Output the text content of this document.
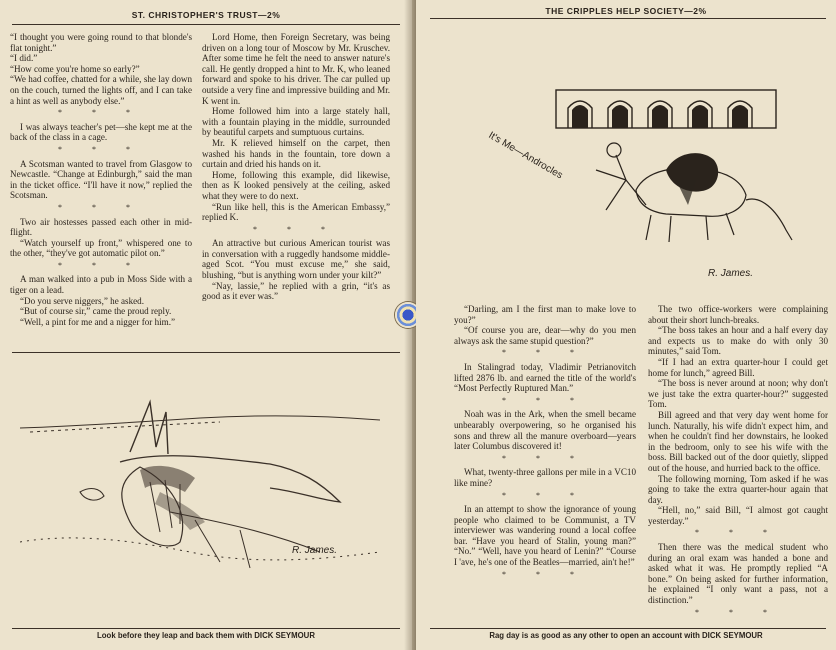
ST. CHRISTOPHER'S TRUST—2%

“I thought you were going round to that blonde's flat tonight.”

“I did.”

“How come you're home so early?”

“We had coffee, chatted for a while, she lay down on the couch, turned the lights off, and I can take a hint as well as anybody else.”

* * *

I was always teacher's pet—she kept me at the back of the class in a cage.

* * *

A Scotsman wanted to travel from Glasgow to Newcastle. “Change at Edinburgh,” said the man in the ticket office. “I'll have it now,” replied the Scotsman.

* * *

Two air hostesses passed each other in mid-flight.

“Watch yourself up front,” whispered one to the other, “they've got automatic pilot on.”

* * *

A man walked into a pub in Moss Side with a tiger on a lead.

“Do you serve niggers,” he asked.

“But of course sir,” came the proud reply.

“Well, a pint for me and a nigger for him.”

Lord Home, then Foreign Secretary, was being driven on a long tour of Moscow by Mr. Kruschev. After some time he felt the need to answer nature's call. He gently dropped a hint to Mr. K, who leaned forward and spoke to his driver. The car pulled up outside a very fine and impressive building and Mr. K went in.

Home followed him into a large stately hall, with a fountain playing in the middle, surrounded by beautiful carpets and sumptuous curtains.

Mr. K relieved himself on the carpet, then washed his hands in the fountain, tore down a curtain and dried his hands on it.

Home, following this example, did likewise, then as K looked pensively at the ceiling, asked what they were to do next.

“Run like hell, this is the American Embassy,” replied K.

* * *

An attractive but curious American tourist was in conversation with a ruggedly handsome middle-aged Scot. “You must excuse me,” she said, blushing, “but is anything worn under your kilt?”

“Nay, lassie,” he replied with a grin, “it's as good as it ever was.”

R. James.
Look before they leap and back them with DICK SEYMOUR
THE CRIPPLES HELP SOCIETY—2%
It's Me—Androcles
R. James.

“Darling, am I the first man to make love to you?”

“Of course you are, dear—why do you men always ask the same stupid question?”

* * *

In Stalingrad today, Vladimir Petrianovitch lifted 2876 lb. and earned the title of the world's “Most Perfectly Ruptured Man.”

* * *

Noah was in the Ark, when the smell became unbearably overpowering, so he organised his sons and threw all the manure overboard—years later Columbus discovered it!

* * *

What, twenty-three gallons per mile in a VC10 like mine?

* * *

In an attempt to show the ignorance of young people who claimed to be Communist, a TV interviewer was wandering round a local coffee bar. “Have you heard of Stalin, young man?” “No.” “Well, have you heard of Lenin?” “Course I 'ave, he's one of the Beatles—married, ain't he!”

* * *

The two office-workers were complaining about their short lunch-breaks.

“The boss takes an hour and a half every day and expects us to make do with only 30 minutes,” said Tom.

“If I had an extra quarter-hour I could get home for lunch,” agreed Bill.

“The boss is never around at noon; why don't we just take the extra quarter-hour?” suggested Tom.

Bill agreed and that very day went home for lunch. Naturally, his wife didn't expect him, and when he couldn't find her downstairs, he looked in the bedroom, only to see his wife with the boss. Bill backed out of the door quietly, slipped out of the house, and hurried back to the office.

The following morning, Tom asked if he was going to take the extra quarter-hour again that day.

“Hell, no,” said Bill, “I almost got caught yesterday.”

* * *

Then there was the medical student who during an oral exam was handed a bone and asked what it was. He promptly replied “A bone.” On being asked for further information, he explained “I only want a pass, not a distinction.”

* * *
Rag day is as good as any other to open an account with DICK SEYMOUR
